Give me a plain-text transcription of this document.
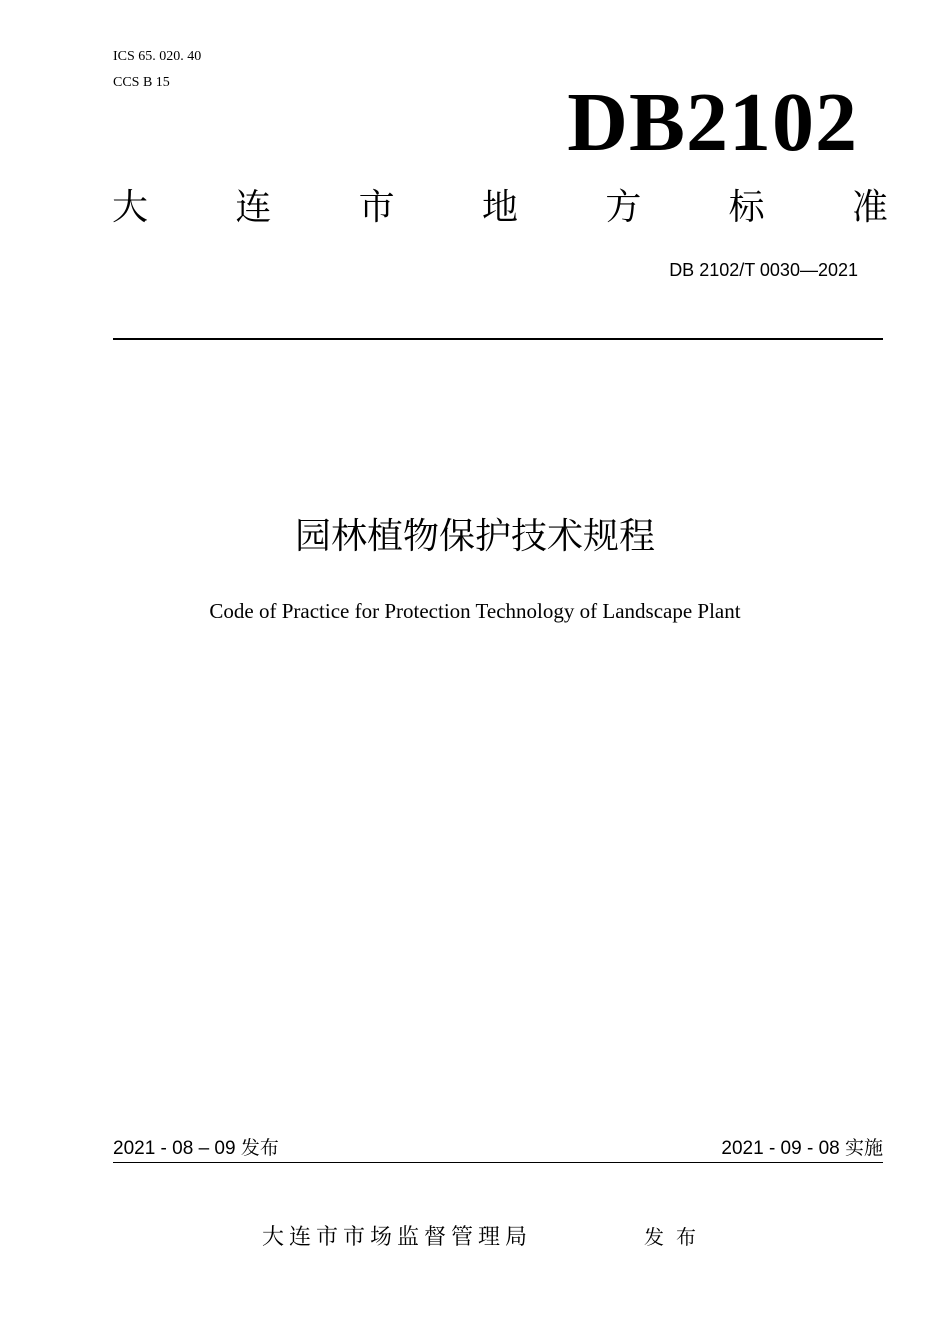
ICS 65. 020. 40
CCS B 15	DB2102
大 连 市 地 方 标 准
DB 2102/T 0030—2021
园林植物保护技术规程
Code of Practice for Protection Technology of Landscape Plant
2021 - 08 – 09 发布	2021 - 09 - 08 实施
大连市市场监督管理局	发布
